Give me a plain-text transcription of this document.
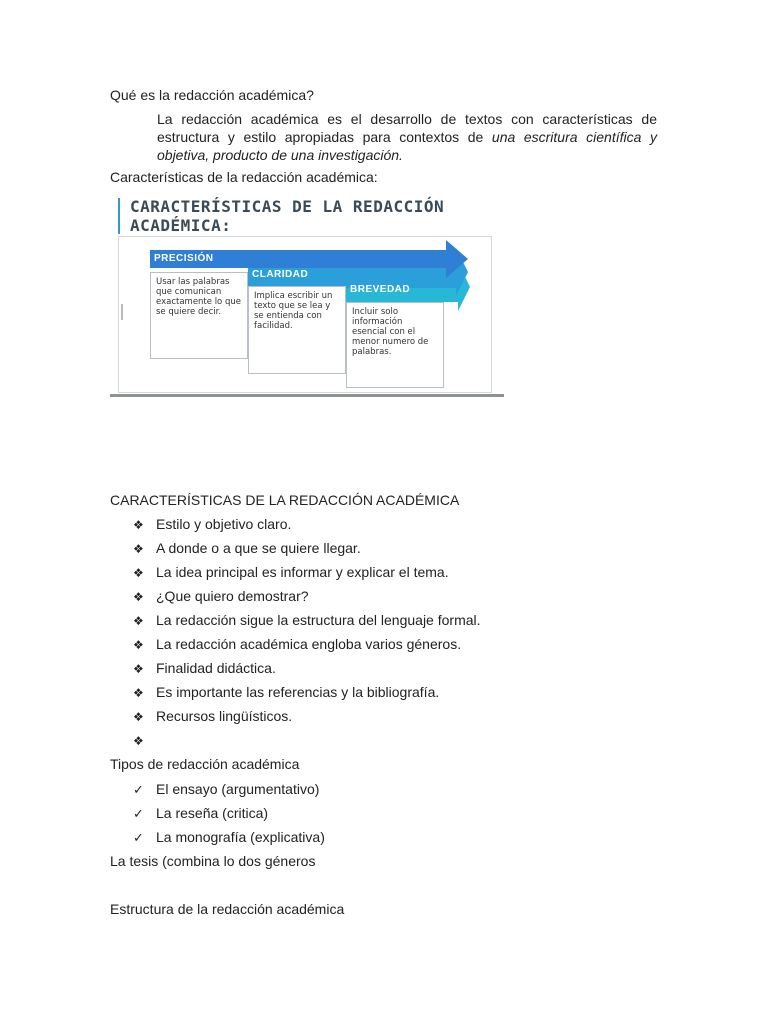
Qué es la redacción académica?
La redacción académica es el desarrollo de textos con características de estructura y estilo apropiadas para contextos de una escritura científica y objetiva, producto de una investigación.
Características de la redacción académica:
CARACTERÍSTICAS DE LA REDACCIÓN
ACADÉMICA:
PRECISIÓN
CLARIDAD
BREVEDAD
Usar las palabras que comunican exactamente lo que se quiere decir.
Implica escribir un texto que se lea y se entienda con facilidad.
Incluir solo información esencial con el menor numero de palabras.
CARACTERÍSTICAS DE LA REDACCIÓN ACADÉMICA
❖ Estilo y objetivo claro.
❖ A donde o a que se quiere llegar.
❖ La idea principal es informar y explicar el tema.
❖ ¿Que quiero demostrar?
❖ La redacción sigue la estructura del lenguaje formal.
❖ La redacción académica engloba varios géneros.
❖ Finalidad didáctica.
❖ Es importante las referencias y la bibliografía.
❖ Recursos lingüísticos.
❖
Tipos de redacción académica
✓ El ensayo (argumentativo)
✓ La reseña (critica)
✓ La monografía (explicativa)
La tesis (combina lo dos géneros
Estructura de la redacción académica
